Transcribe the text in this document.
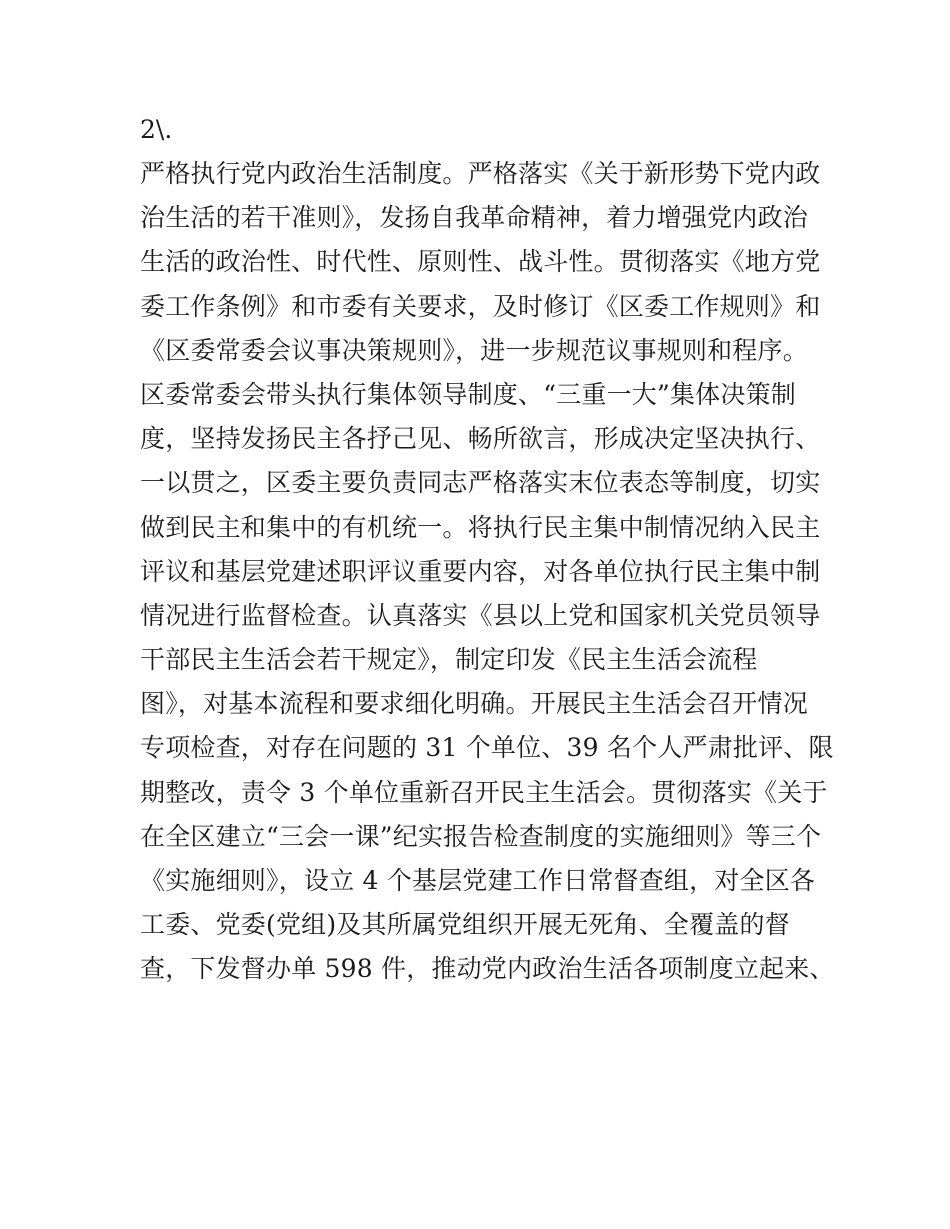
2\.
严格执行党内政治生活制度。严格落实《关于新形势下党内政
治生活的若干准则》，发扬自我革命精神，着力增强党内政治
生活的政治性、时代性、原则性、战斗性。贯彻落实《地方党
委工作条例》和市委有关要求，及时修订《区委工作规则》和
《区委常委会议事决策规则》，进一步规范议事规则和程序。
区委常委会带头执行集体领导制度、“三重一大”集体决策制
度，坚持发扬民主各抒己见、畅所欲言，形成决定坚决执行、
一以贯之，区委主要负责同志严格落实末位表态等制度，切实
做到民主和集中的有机统一。将执行民主集中制情况纳入民主
评议和基层党建述职评议重要内容，对各单位执行民主集中制
情况进行监督检查。认真落实《县以上党和国家机关党员领导
干部民主生活会若干规定》，制定印发《民主生活会流程
图》，对基本流程和要求细化明确。开展民主生活会召开情况
专项检查，对存在问题的 31 个单位、39 名个人严肃批评、限
期整改，责令 3 个单位重新召开民主生活会。贯彻落实《关于
在全区建立“三会一课”纪实报告检查制度的实施细则》等三个
《实施细则》，设立 4 个基层党建工作日常督查组，对全区各
工委、党委(党组)及其所属党组织开展无死角、全覆盖的督
查，下发督办单 598 件，推动党内政治生活各项制度立起来、
